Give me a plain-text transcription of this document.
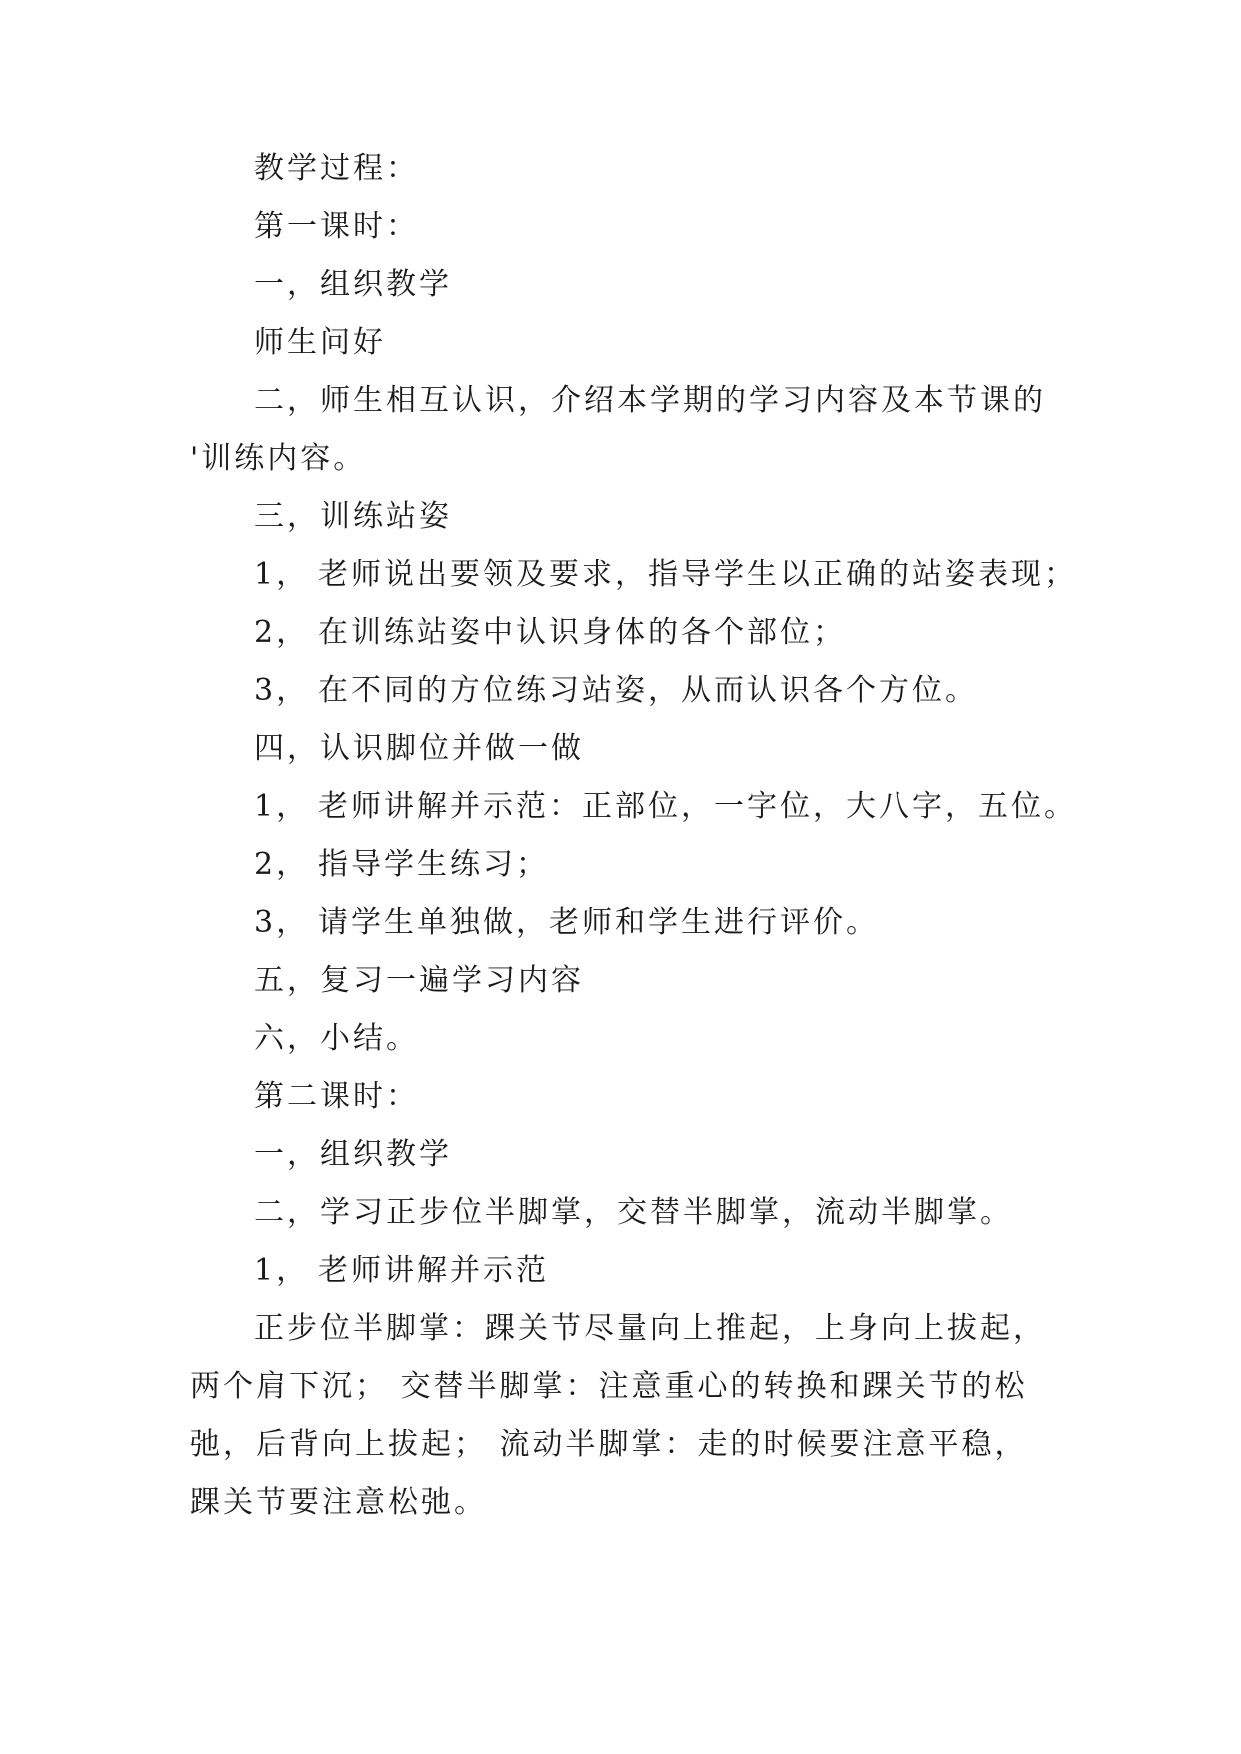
教学过程：
第一课时：
一，组织教学
师生问好
二，师生相互认识，介绍本学期的学习内容及本节课的
'训练内容。
三，训练站姿
1， 老师说出要领及要求，指导学生以正确的站姿表现；
2， 在训练站姿中认识身体的各个部位；
3， 在不同的方位练习站姿，从而认识各个方位。
四，认识脚位并做一做
1， 老师讲解并示范：正部位，一字位，大八字，五位。
2， 指导学生练习；
3， 请学生单独做，老师和学生进行评价。
五，复习一遍学习内容
六，小结。
第二课时：
一，组织教学
二，学习正步位半脚掌，交替半脚掌，流动半脚掌。
1， 老师讲解并示范
正步位半脚掌：踝关节尽量向上推起，上身向上拔起，
两个肩下沉； 交替半脚掌：注意重心的转换和踝关节的松
弛，后背向上拔起； 流动半脚掌：走的时候要注意平稳，
踝关节要注意松弛。
